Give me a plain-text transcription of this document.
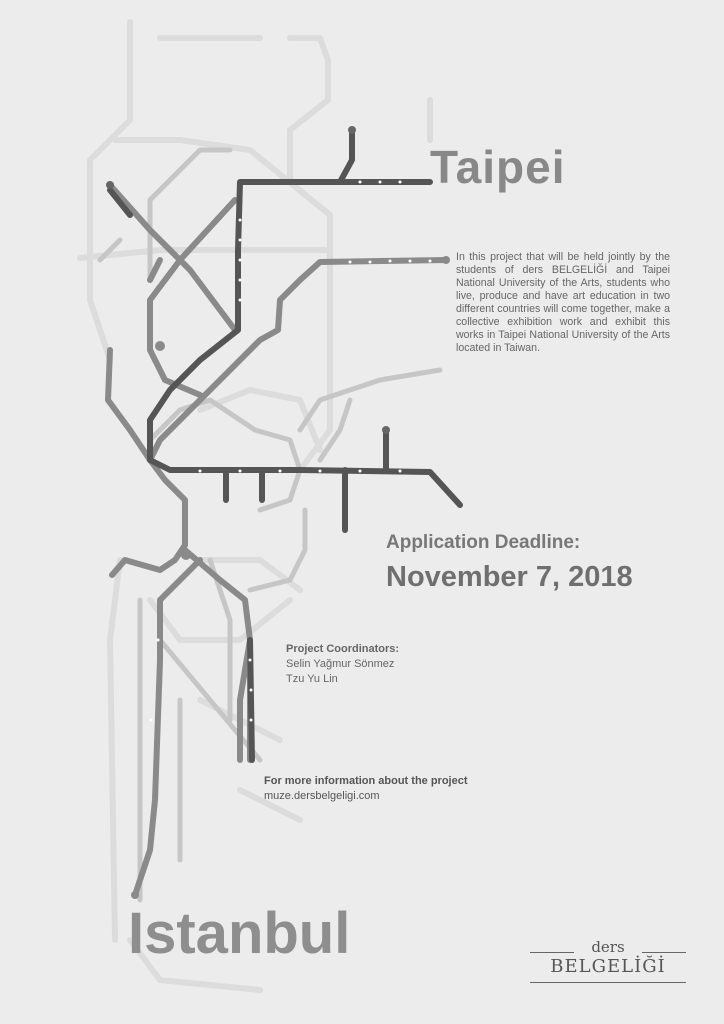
Taipei
In this project that will be held jointly by the students of ders BELGELİĞİ and Taipei National University of the Arts, students who live, produce and have art education in two different countries will come together, make a collective exhibition work and exhibit this works in Taipei National University of the Arts located in Taiwan.
Application Deadline:
November 7, 2018
Project Coordinators:
Selin Yağmur Sönmez
Tzu Yu Lin
For more information about the project
muze.dersbelgeligi.com
Istanbul	ders
BELGELİĞİ
